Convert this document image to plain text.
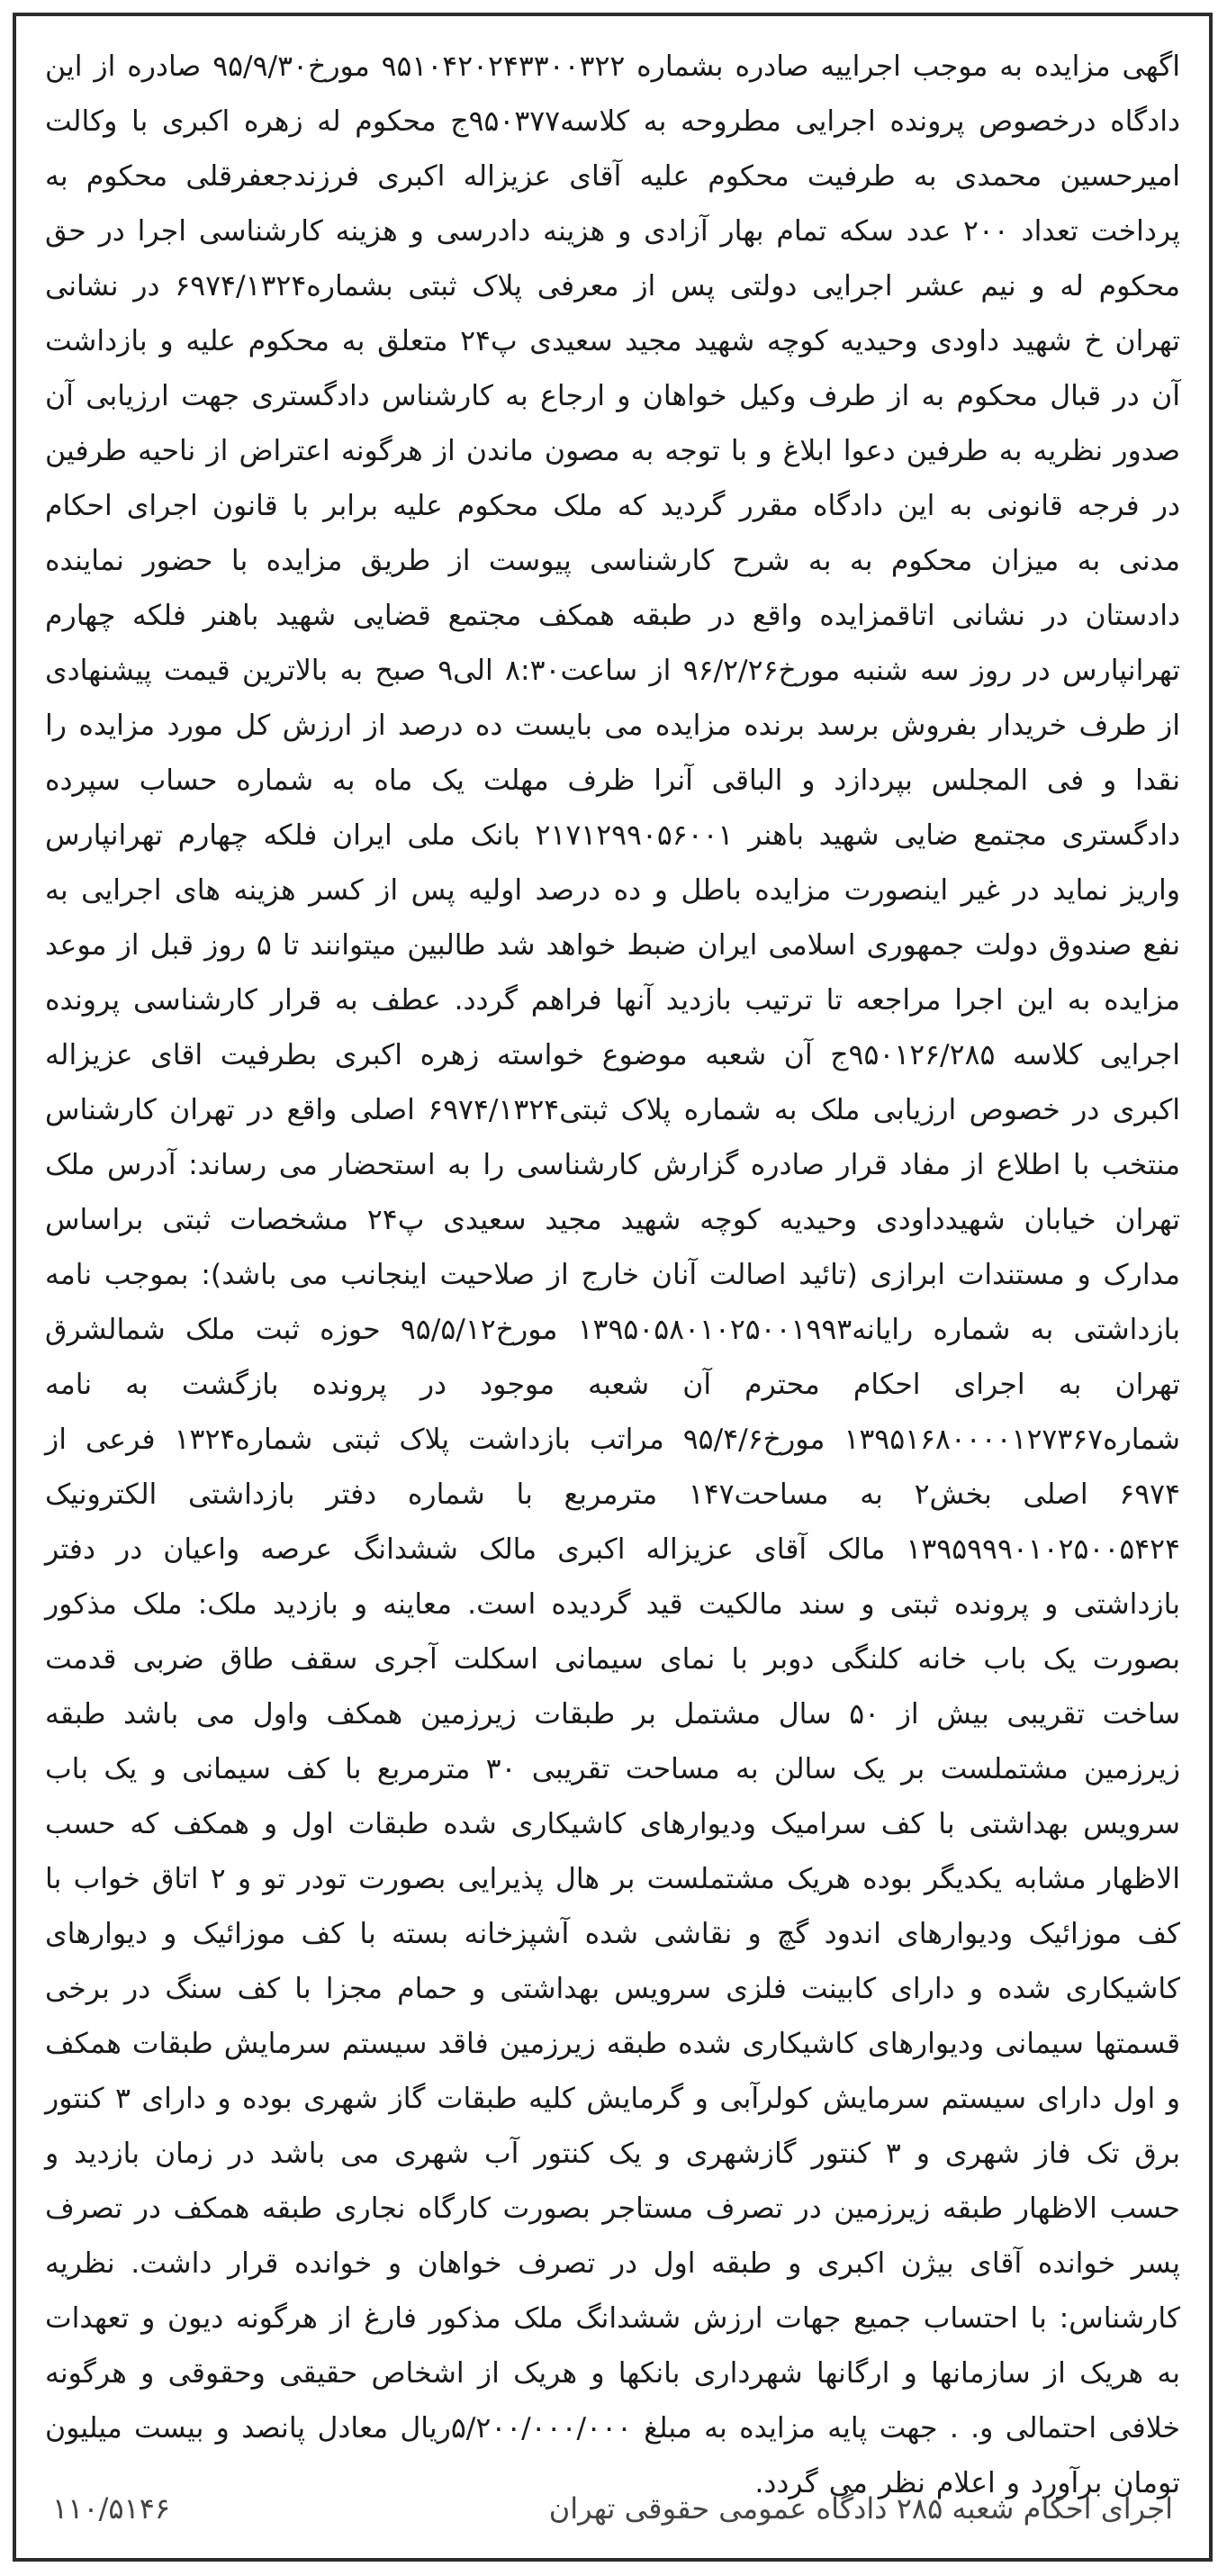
اگهی مزایده به موجب اجراییه صادره بشماره ۹۵۱۰۴۲۰۲۴۳۳۰۰۳۲۲ مورخ۹۵/۹/۳۰ صادره از این دادگاه درخصوص پرونده اجرایی مطروحه به کلاسه۹۵۰۳۷۷ج محکوم له زهره اکبری با وکالت امیرحسین محمدی به طرفیت محکوم علیه آقای عزیزاله اکبری فرزندجعفرقلی محکوم به پرداخت تعداد ۲۰۰ عدد سکه تمام بهار آزادی و هزینه دادرسی و هزینه کارشناسی اجرا در حق محکوم له و نیم عشر اجرایی دولتی پس از معرفی پلاک ثبتی بشماره۶۹۷۴/۱۳۲۴ در نشانی تهران خ شهید داودی وحیدیه کوچه شهید مجید سعیدی پ۲۴ متعلق به محکوم علیه و بازداشت آن در قبال محکوم به از طرف وکیل خواهان و ارجاع به کارشناس دادگستری جهت ارزیابی آن صدور نظریه به طرفین دعوا ابلاغ و با توجه به مصون ماندن از هرگونه اعتراض از ناحیه طرفین در فرجه قانونی به این دادگاه مقرر گردید که ملک محکوم علیه برابر با قانون اجرای احکام مدنی به میزان محکوم به به شرح کارشناسی پیوست از طریق مزایده با حضور نماینده دادستان در نشانی اتاقمزایده واقع در طبقه همکف مجتمع قضایی شهید باهنر فلکه چهارم تهرانپارس در روز سه شنبه مورخ۹۶/۲/۲۶ از ساعت۸:۳۰ الی۹ صبح به بالاترین قیمت پیشنهادی از طرف خریدار بفروش برسد برنده مزایده می بایست ده درصد از ارزش کل مورد مزایده را نقدا و فی المجلس بپردازد و الباقی آنرا ظرف مهلت یک ماه به شماره حساب سپرده دادگستری مجتمع ضایی شهید باهنر ۲۱۷۱۲۹۹۰۵۶۰۰۱ بانک ملی ایران فلکه چهارم تهرانپارس واریز نماید در غیر اینصورت مزایده باطل و ده درصد اولیه پس از کسر هزینه های اجرایی به نفع صندوق دولت جمهوری اسلامی ایران ضبط خواهد شد طالبین میتوانند تا ۵ روز قبل از موعد مزایده به این اجرا مراجعه تا ترتیب بازدید آنها فراهم گردد. عطف به قرار کارشناسی پرونده اجرایی کلاسه ۹۵۰۱۲۶/۲۸۵ج آن شعبه موضوع خواسته زهره اکبری بطرفیت اقای عزیزاله اکبری در خصوص ارزیابی ملک به شماره پلاک ثبتی۶۹۷۴/۱۳۲۴ اصلی واقع در تهران کارشناس منتخب با اطلاع از مفاد قرار صادره گزارش کارشناسی را به استحضار می رساند: آدرس ملک تهران خیابان شهیدداودی وحیدیه کوچه شهید مجید سعیدی پ۲۴ مشخصات ثبتی براساس مدارک و مستندات ابرازی (تائید اصالت آنان خارج از صلاحیت اینجانب می باشد): بموجب نامه بازداشتی به شماره رایانه۱۳۹۵۰۵۸۰۱۰۲۵۰۰۱۹۹۳ مورخ۹۵/۵/۱۲ حوزه ثبت ملک شمالشرق تهران به اجرای احکام محترم آن شعبه موجود در پرونده بازگشت به نامه شماره۱۳۹۵۱۶۸۰۰۰۰۱۲۷۳۶۷ مورخ۹۵/۴/۶ مراتب بازداشت پلاک ثبتی شماره۱۳۲۴ فرعی از ۶۹۷۴ اصلی بخش۲ به مساحت۱۴۷ مترمربع با شماره دفتر بازداشتی الکترونیک ۱۳۹۵۹۹۹۰۱۰۲۵۰۰۵۴۲۴ مالک آقای عزیزاله اکبری مالک ششدانگ عرصه واعیان در دفتر بازداشتی و پرونده ثبتی و سند مالکیت قید گردیده است. معاینه و بازدید ملک: ملک مذکور بصورت یک باب خانه کلنگی دوبر با نمای سیمانی اسکلت آجری سقف طاق ضربی قدمت ساخت تقریبی بیش از ۵۰ سال مشتمل بر طبقات زیرزمین همکف واول می باشد طبقه زیرزمین مشتملست بر یک سالن به مساحت تقریبی ۳۰ مترمربع با کف سیمانی و یک باب سرویس بهداشتی با کف سرامیک ودیوارهای کاشیکاری شده طبقات اول و همکف که حسب الاظهار مشابه یکدیگر بوده هریک مشتملست بر هال پذیرایی بصورت تودر تو و ۲ اتاق خواب با کف موزائیک ودیوارهای اندود گچ و نقاشی شده آشپزخانه بسته با کف موزائیک و دیوارهای کاشیکاری شده و دارای کابینت فلزی سرویس بهداشتی و حمام مجزا با کف سنگ در برخی قسمتها سیمانی ودیوارهای کاشیکاری شده طبقه زیرزمین فاقد سیستم سرمایش طبقات همکف و اول دارای سیستم سرمایش کولرآبی و گرمایش کلیه طبقات گاز شهری بوده و دارای ۳ کنتور برق تک فاز شهری و ۳ کنتور گازشهری و یک کنتور آب شهری می باشد در زمان بازدید و حسب الاظهار طبقه زیرزمین در تصرف مستاجر بصورت کارگاه نجاری طبقه همکف در تصرف پسر خوانده آقای بیژن اکبری و طبقه اول در تصرف خواهان و خوانده قرار داشت. نظریه کارشناس: با احتساب جمیع جهات ارزش ششدانگ ملک مذکور فارغ از هرگونه دیون و تعهدات به هریک از سازمانها و ارگانها شهرداری بانکها و هریک از اشخاص حقیقی وحقوقی و هرگونه خلافی احتمالی و. . جهت پایه مزایده به مبلغ ۵/۲۰۰/۰۰۰/۰۰۰ریال معادل پانصد و بیست میلیون تومان برآورد و اعلام نظر می گردد.

اجرای احکام شعبه ۲۸۵ دادگاه عمومی حقوقی تهران
۱۱۰/۵۱۴۶
